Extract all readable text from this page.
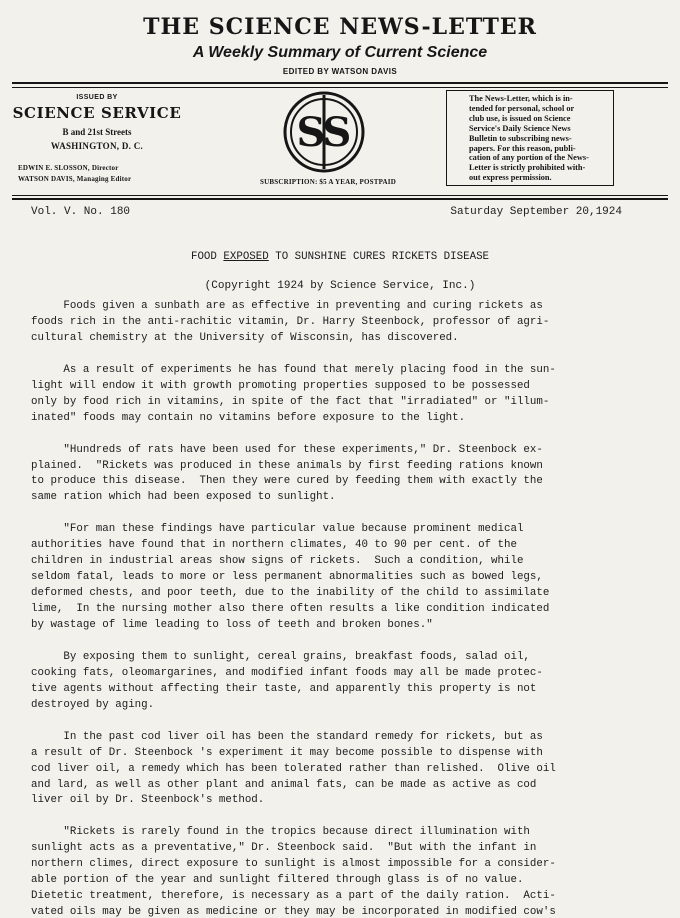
THE SCIENCE NEWS-LETTER
A Weekly Summary of Current Science
EDITED BY WATSON DAVIS
ISSUED BY
SCIENCE SERVICE
B and 21st Streets
WASHINGTON, D. C.
EDWIN E. SLOSSON, Director
WATSON DAVIS, Managing Editor
S
S
SUBSCRIPTION: $5 A YEAR, POSTPAID
The News-Letter, which is in-
tended for personal, school or
club use, is issued on Science
Service's Daily Science News
Bulletin to subscribing news-
papers. For this reason, publi-
cation of any portion of the News-
Letter is strictly prohibited with-
out express permission.
Vol. V. No. 180	Saturday September 20,1924
FOOD EXPOSED TO SUNSHINE CURES RICKETS DISEASE
(Copyright 1924 by Science Service, Inc.)
Foods given a sunbath are as effective in preventing and curing rickets as
foods rich in the anti-rachitic vitamin, Dr. Harry Steenbock, professor of agri-
cultural chemistry at the University of Wisconsin, has discovered.
As a result of experiments he has found that merely placing food in the sun-
light will endow it with growth promoting properties supposed to be possessed
only by food rich in vitamins, in spite of the fact that "irradiated" or "illum-
inated" foods may contain no vitamins before exposure to the light.
"Hundreds of rats have been used for these experiments," Dr. Steenbock ex-
plained.  "Rickets was produced in these animals by first feeding rations known
to produce this disease.  Then they were cured by feeding them with exactly the
same ration which had been exposed to sunlight.
"For man these findings have particular value because prominent medical
authorities have found that in northern climates, 40 to 90 per cent. of the
children in industrial areas show signs of rickets.  Such a condition, while
seldom fatal, leads to more or less permanent abnormalities such as bowed legs,
deformed chests, and poor teeth, due to the inability of the child to assimilate
lime,  In the nursing mother also there often results a like condition indicated
by wastage of lime leading to loss of teeth and broken bones."
By exposing them to sunlight, cereal grains, breakfast foods, salad oil,
cooking fats, oleomargarines, and modified infant foods may all be made protec-
tive agents without affecting their taste, and apparently this property is not
destroyed by aging.
In the past cod liver oil has been the standard remedy for rickets, but as
a result of Dr. Steenbock 's experiment it may become possible to dispense with
cod liver oil, a remedy which has been tolerated rather than relished.  Olive oil
and lard, as well as other plant and animal fats, can be made as active as cod
liver oil by Dr. Steenbock's method.
"Rickets is rarely found in the tropics because direct illumination with
sunlight acts as a preventative," Dr. Steenbock said.  "But with the infant in
northern climes, direct exposure to sunlight is almost impossible for a consider-
able portion of the year and sunlight filtered through glass is of no value.
Dietetic treatment, therefore, is necessary as a part of the daily ration.  Acti-
vated oils may be given as medicine or they may be incorporated in modified cow's
